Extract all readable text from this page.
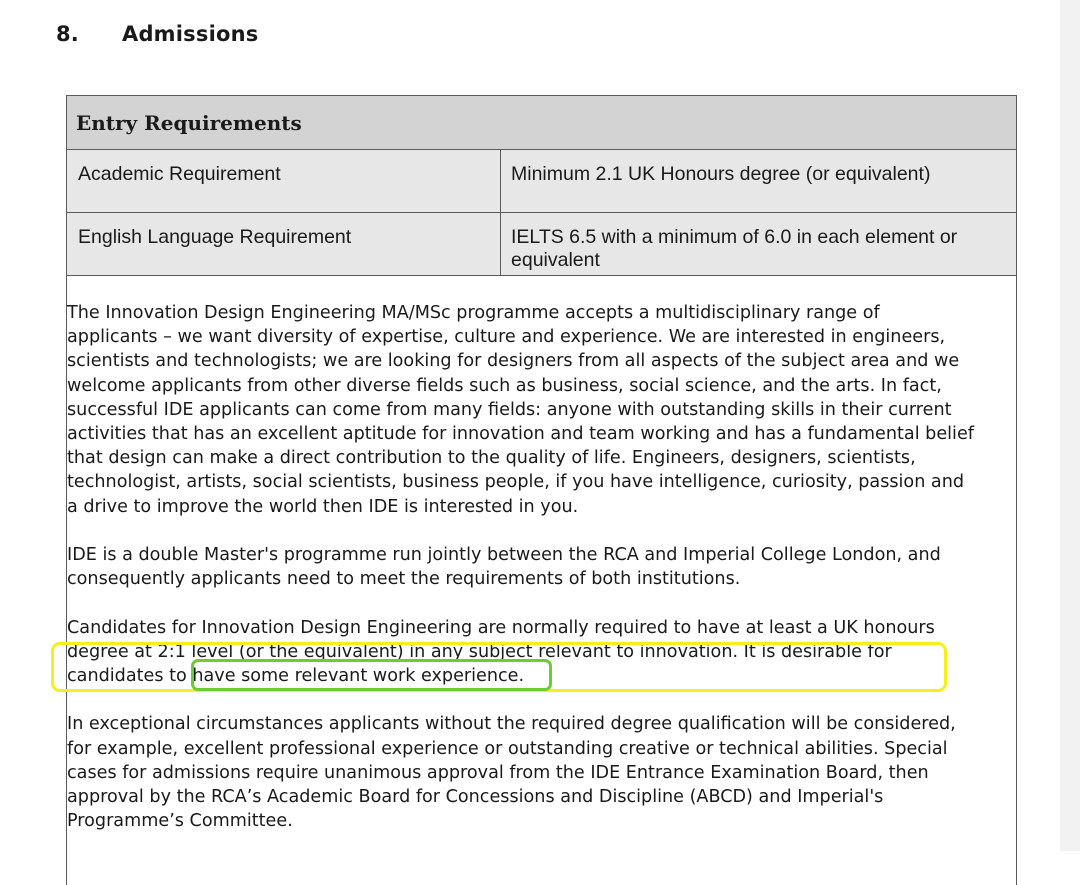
8. Admissions
Entry Requirements
Academic Requirement	Minimum 2.1 UK Honours degree (or equivalent)
English Language Requirement	IELTS 6.5 with a minimum of 6.0 in each element or equivalent

The Innovation Design Engineering MA/MSc programme accepts a multidisciplinary range of
applicants – we want diversity of expertise, culture and experience. We are interested in engineers,
scientists and technologists; we are looking for designers from all aspects of the subject area and we
welcome applicants from other diverse fields such as business, social science, and the arts. In fact,
successful IDE applicants can come from many fields: anyone with outstanding skills in their current
activities that has an excellent aptitude for innovation and team working and has a fundamental belief
that design can make a direct contribution to the quality of life. Engineers, designers, scientists,
technologist, artists, social scientists, business people, if you have intelligence, curiosity, passion and
a drive to improve the world then IDE is interested in you.

IDE is a double Master's programme run jointly between the RCA and Imperial College London, and
consequently applicants need to meet the requirements of both institutions.

Candidates for Innovation Design Engineering are normally required to have at least a UK honours
degree at 2:1 level (or the equivalent) in any subject relevant to innovation. It is desirable for
candidates to have some relevant work experience.

In exceptional circumstances applicants without the required degree qualification will be considered,
for example, excellent professional experience or outstanding creative or technical abilities. Special
cases for admissions require unanimous approval from the IDE Entrance Examination Board, then
approval by the RCA’s Academic Board for Concessions and Discipline (ABCD) and Imperial's
Programme’s Committee.
